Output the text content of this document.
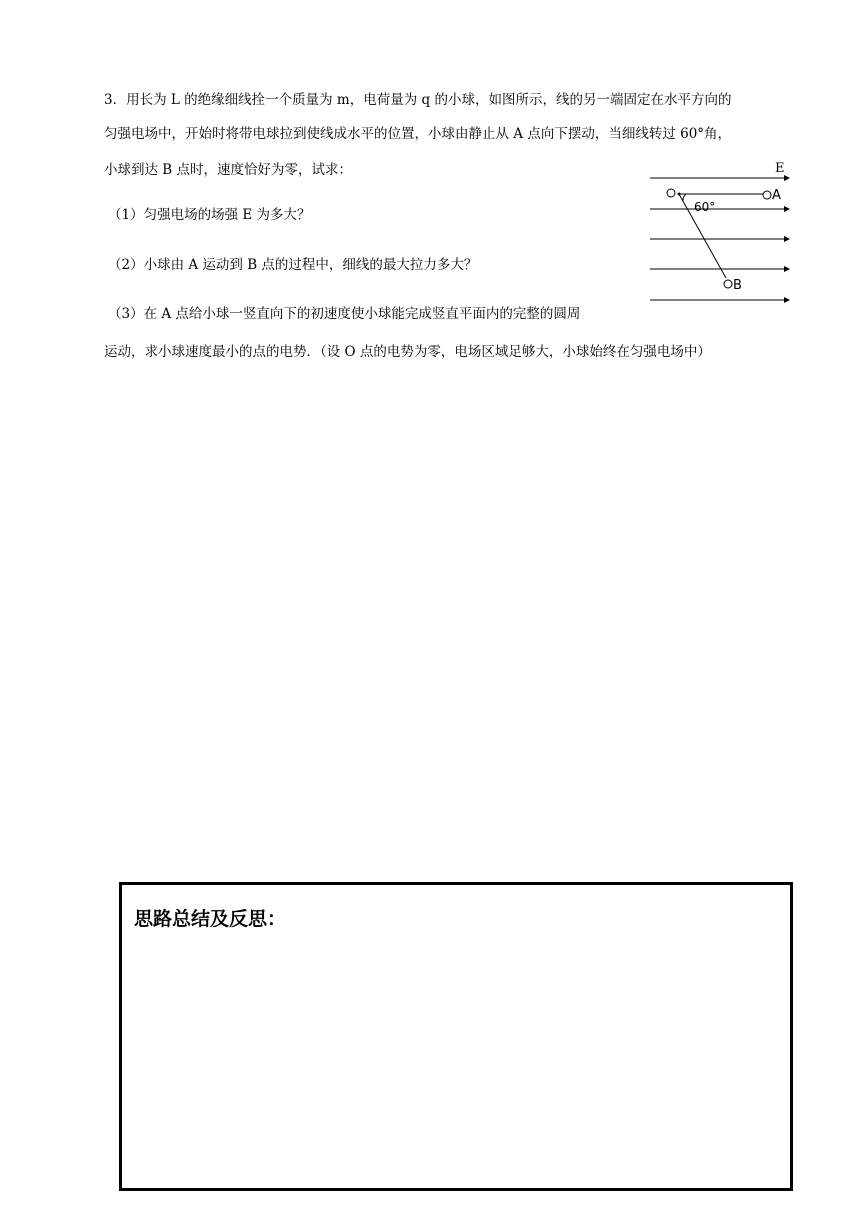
3．用长为 L 的绝缘细线拴一个质量为 m，电荷量为 q 的小球，如图所示，线的另一端固定在水平方向的
匀强电场中，开始时将带电球拉到使线成水平的位置，小球由静止从 A 点向下摆动，当细线转过 60°角，
小球到达 B 点时，速度恰好为零，试求：
（1）匀强电场的场强 E 为多大？
（2）小球由 A 运动到 B 点的过程中，细线的最大拉力多大？
（3）在 A 点给小球一竖直向下的初速度使小球能完成竖直平面内的完整的圆周
运动，求小球速度最小的点的电势．（设 O 点的电势为零，电场区域足够大，小球始终在匀强电场中）
E
60°
A
B
思路总结及反思：
